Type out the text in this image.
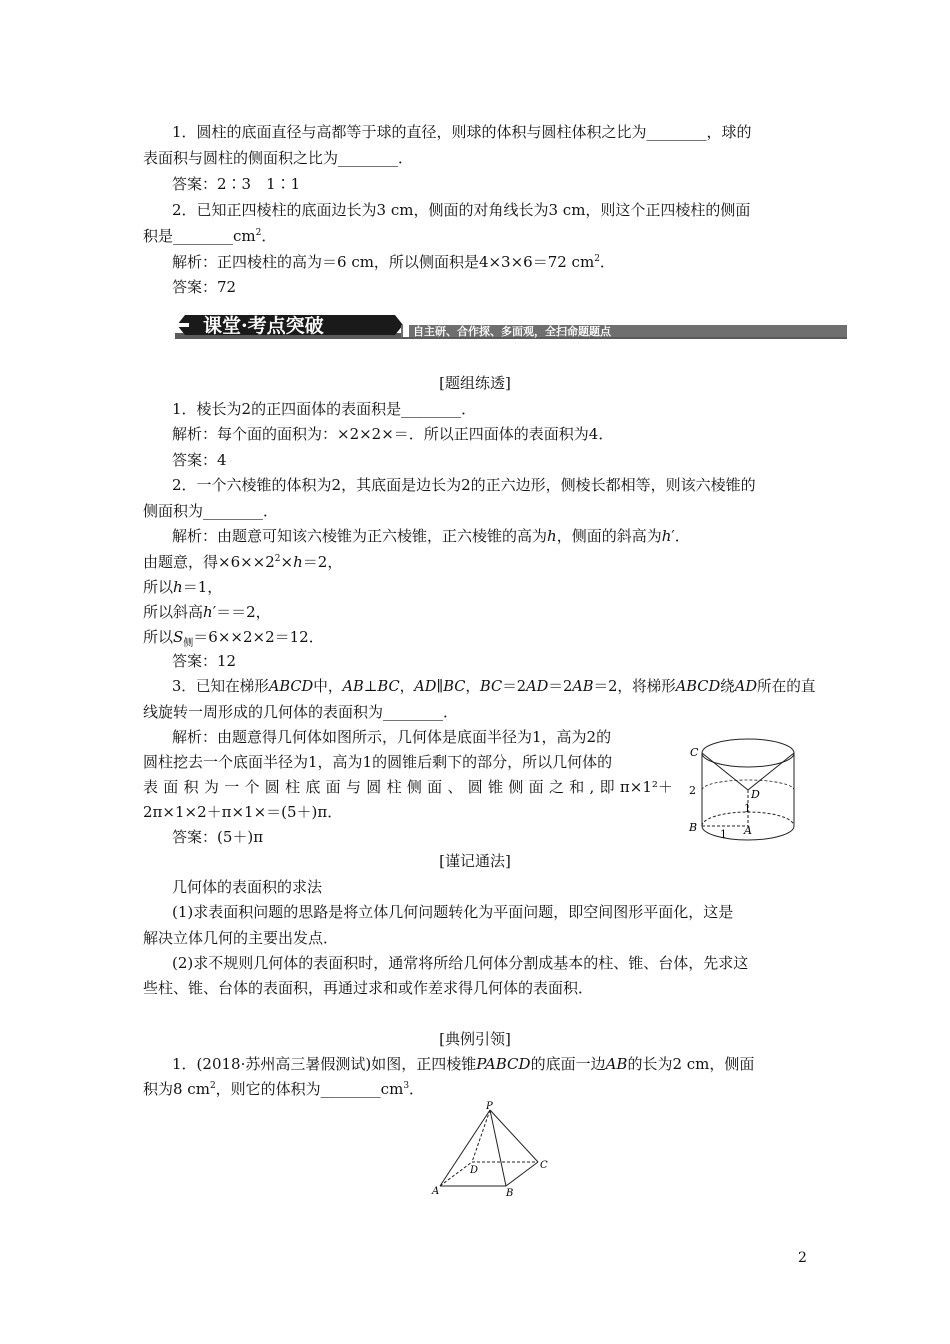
1．圆柱的底面直径与高都等于球的直径，则球的体积与圆柱体积之比为________，球的
表面积与圆柱的侧面积之比为________．
答案：2∶3　1∶1
2．已知正四棱柱的底面边长为3 cm，侧面的对角线长为3 cm，则这个正四棱柱的侧面
积是$\_\_\_\_\_\_\_\_cm^2$．
解析：正四棱柱的高为＝6 cm，所以侧面积是4×3×6＝72 $cm^2$．
答案：72
课堂·考点突破	自主研、合作探、多面观，全扫命题题点
[题组练透]
1．棱长为2的正四面体的表面积是________．
解析：每个面的面积为：×2×2×＝．所以正四面体的表面积为4．
答案：4
2．一个六棱锥的体积为2，其底面是边长为2的正六边形，侧棱长都相等，则该六棱锥的
侧面积为________．
解析：由题意可知该六棱锥为正六棱锥，正六棱锥的高为h，侧面的斜高为h′．
由题意，得$\times 6\times\times 2^2\times h=2$，
所以h＝1，
所以斜高h′＝＝2，
所以$S_侧=6\times\times 2\times 2=12$．
答案：12
3．已知在梯形ABCD中，AB⊥BC，AD∥BC，BC＝2AD＝2AB＝2，将梯形ABCD绕AD所在的直
线旋转一周形成的几何体的表面积为________．
解析：由题意得几何体如图所示，几何体是底面半径为1，高为2的
圆柱挖去一个底面半径为1，高为1的圆锥后剩下的部分，所以几何体的
表 面 积 为 一 个 圆 柱 底 面 与 圆 柱 侧 面 、 圆 锥 侧 面 之 和 , 即 π×1²＋
2π×1×2＋π×1×＝(5＋)π．
答案：(5＋)π
C
D
2
1
B
1 A
[谨记通法]
几何体的表面积的求法
(1)求表面积问题的思路是将立体几何问题转化为平面问题，即空间图形平面化，这是
解决立体几何的主要出发点．
(2)求不规则几何体的表面积时，通常将所给几何体分割成基本的柱、锥、台体，先求这
些柱、锥、台体的表面积，再通过求和或作差求得几何体的表面积．
[典例引领]
1．(2018·苏州高三暑假测试)如图，正四棱锥PABCD的底面一边AB的长为2 cm，侧面
积为8 $cm^2$，则它的体积为$\_\_\_\_\_\_\_\_cm^3$．
P
D	C
A	B
2
